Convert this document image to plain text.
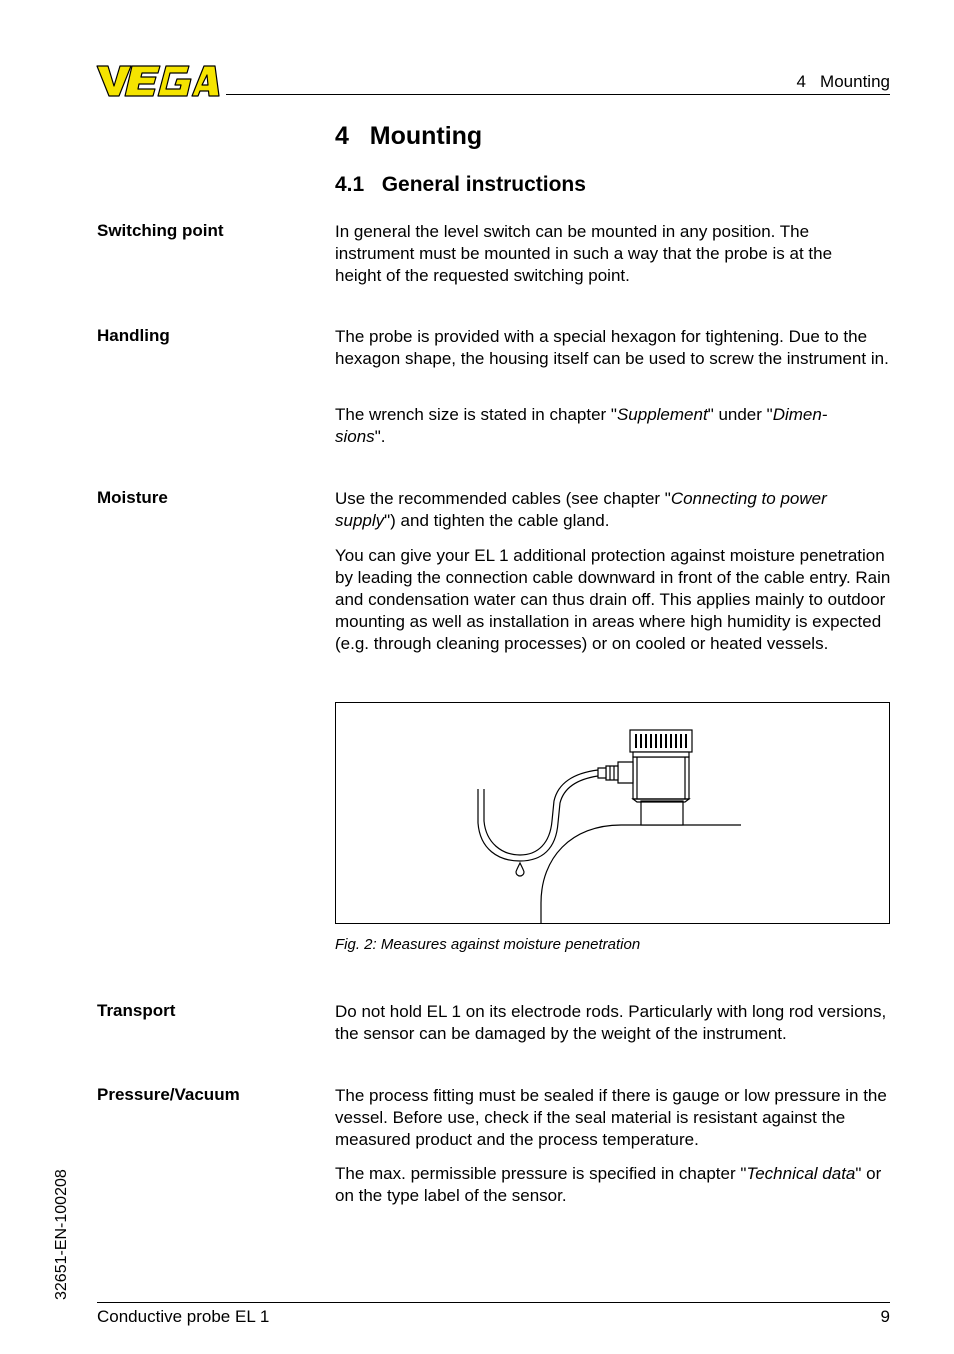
4   Mounting
4   Mounting
4.1   General instructions
Switching point	In general the level switch can be mounted in any position. The instrument must be mounted in such a way that the probe is at the height of the requested switching point.

Handling	The probe is provided with a special hexagon for tightening. Due to the hexagon shape, the housing itself can be used to screw the instrument in.

The wrench size is stated in chapter "Supplement" under "Dimen-sions".

Moisture	Use the recommended cables (see chapter "Connecting to power supply") and tighten the cable gland.

You can give your EL 1 additional protection against moisture penetration by leading the connection cable downward in front of the cable entry. Rain and condensation water can thus drain off. This applies mainly to outdoor mounting as well as installation in areas where high humidity is expected (e.g. through cleaning processes) or on cooled or heated vessels.

Fig. 2: Measures against moisture penetration
Transport	Do not hold EL 1 on its electrode rods. Particularly with long rod versions, the sensor can be damaged by the weight of the instrument.

Pressure/Vacuum	The process fitting must be sealed if there is gauge or low pressure in the vessel. Before use, check if the seal material is resistant against the measured product and the process temperature.

The max. permissible pressure is specified in chapter "Technical data" or on the type label of the sensor.

32651-EN-100208
Conductive probe EL 1	9
